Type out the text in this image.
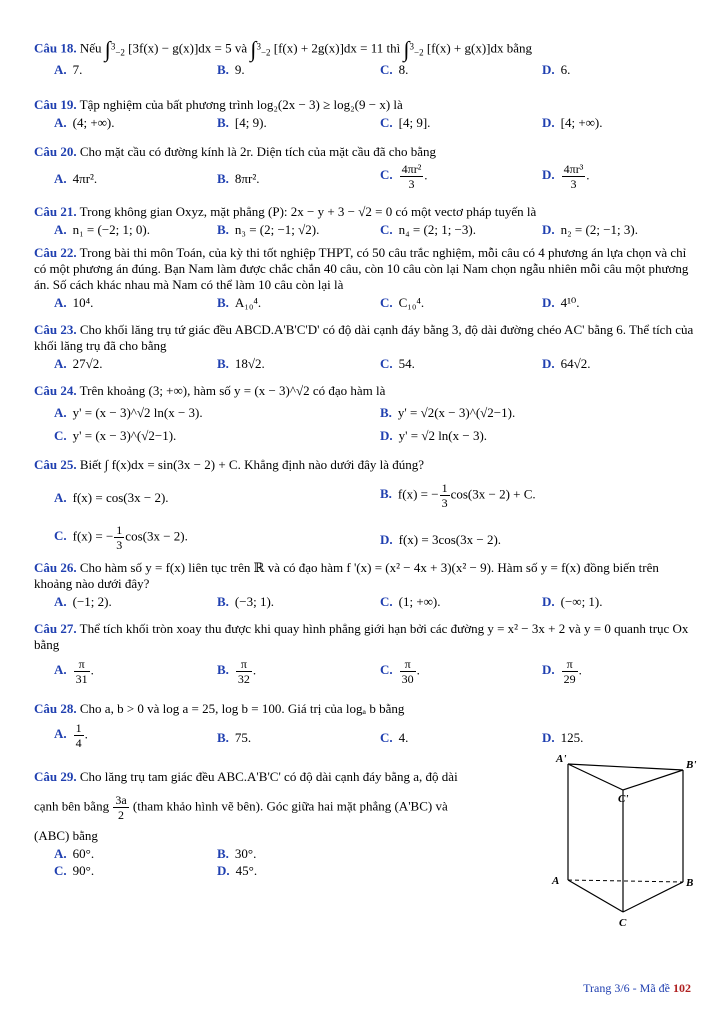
Câu 18. Nếu ∫$^3_{-2}$ [3f(x) − g(x)]dx = 5 và ∫$^3_{-2}$ [f(x) + 2g(x)]dx = 11 thì ∫$^3_{-2}$ [f(x) + g(x)]dx bằng
A. 7.	B. 9.	C. 8.	D. 6.
Câu 19. Tập nghiệm của bất phương trình log₂(2x − 3) ≥ log₂(9 − x) là
A. (4; +∞).	B. [4; 9).	C. [4; 9].	D. [4; +∞).
Câu 20. Cho mặt cầu có đường kính là 2r. Diện tích của mặt cầu đã cho bằng
A. 4πr².	B. 8πr².	C. $\frac{\text{4πr²}}{3}$ .	D. $\frac{\text{4πr³}}{3}$ .
Câu 21. Trong không gian Oxyz, mặt phẳng (P): 2x − y + 3 − √2 = 0 có một vectơ pháp tuyến là
A. n₁ = (−2; 1; 0).	B. n₃ = (2; −1; √2).	C. n₄ = (2; 1; −3).	D. n₂ = (2; −1; 3).
Câu 22. Trong bài thi môn Toán, của kỳ thi tốt nghiệp THPT, có 50 câu trắc nghiệm, mỗi câu có 4 phương án lựa chọn và chỉ có một phương án đúng. Bạn Nam làm được chắc chắn 40 câu, còn 10 câu còn lại Nam chọn ngẫu nhiên mỗi câu một phương án. Số cách khác nhau mà Nam có thể làm 10 câu còn lại là
A. 10⁴.	B. A₁₀⁴.	C. C₁₀⁴.	D. 4¹⁰.
Câu 23. Cho khối lăng trụ tứ giác đều ABCD.A'B'C'D' có độ dài cạnh đáy bằng 3, độ dài đường chéo AC' bằng 6. Thể tích của khối lăng trụ đã cho bằng
A. 27√2.	B. 18√2.	C. 54.	D. 64√2.
Câu 24. Trên khoảng (3; +∞), hàm số y = (x − 3)^√2 có đạo hàm là
A. y' = (x − 3)^√2 ln(x − 3).	B. y' = √2(x − 3)^(√2−1).
C. y' = (x − 3)^(√2−1).	D. y' = √2 ln(x − 3).
Câu 25. Biết ∫ f(x)dx = sin(3x − 2) + C. Khẳng định nào dưới đây là đúng?
A. f(x) = cos(3x − 2).	B. f(x) = − $\frac{1}{3} \cos(3x - 2) + C$.
C. f(x) = − $\frac{1}{3} \cos(3x - 2)$.	D. f(x) = 3cos(3x − 2).
Câu 26. Cho hàm số y = f(x) liên tục trên ℝ và có đạo hàm f '(x) = (x² − 4x + 3)(x² − 9). Hàm số y = f(x) đồng biến trên khoảng nào dưới đây?
A. (−1; 2).	B. (−3; 1).	C. (1; +∞).	D. (−∞; 1).
Câu 27. Thể tích khối tròn xoay thu được khi quay hình phẳng giới hạn bởi các đường y = x² − 3x + 2 và y = 0 quanh trục Ox bằng
A. $\frac{\pi}{31}$ .	B. $\frac{\pi}{32}$ .	C. $\frac{\pi}{30}$ .	D. $\frac{\pi}{29}$ .
Câu 28. Cho a, b > 0 và log a = 25, log b = 100. Giá trị của logₐ b bằng
A. $\frac{1}{4}$ .	B. 75.	C. 4.	D. 125.
Câu 29. Cho lăng trụ tam giác đều ABC.A'B'C' có độ dài cạnh đáy bằng a, độ dài
cạnh bên bằng $\frac{3a}{2}$ (tham khảo hình vẽ bên). Góc giữa hai mặt phẳng (A'BC) và
(ABC) bằng
A. 60°.	B. 30°.
C. 90°.	D. 45°.
A'	B'
C'
A	B
C
Trang 3/6 - Mã đề 102
